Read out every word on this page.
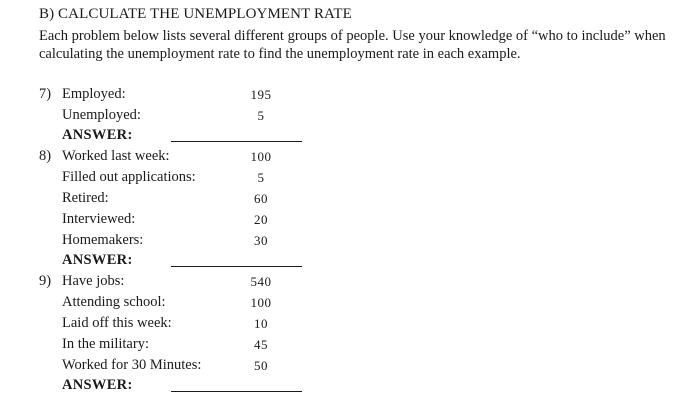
B) CALCULATE THE UNEMPLOYMENT RATE
Each problem below lists several different groups of people. Use your knowledge of “who to include” when calculating the unemployment rate to find the unemployment rate in each example.
7) Employed:	195
Unemployed:	5
ANSWER:
8) Worked last week:	100
Filled out applications:	5
Retired:	60
Interviewed:	20
Homemakers:	30
ANSWER:
9) Have jobs:	540
Attending school:	100
Laid off this week:	10
In the military:	45
Worked for 30 Minutes:	50
ANSWER:
